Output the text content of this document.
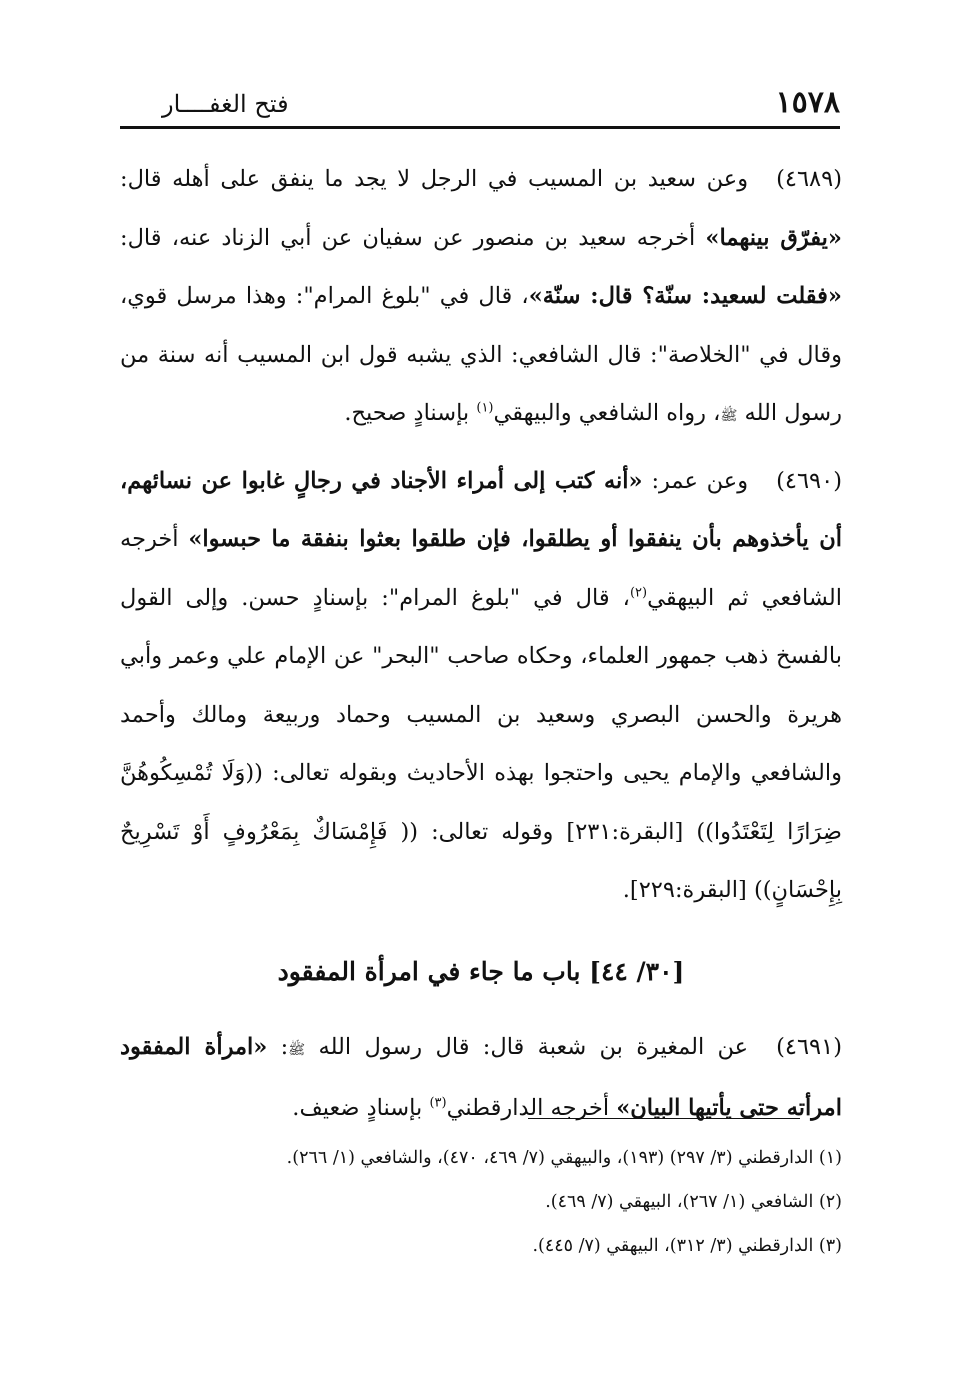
١٥٧٨
فتح الغفــــار

(٤٦٨٩)وعن سعيد بن المسيب في الرجل لا يجد ما ينفق على أهله قال: «يفرّق بينهما» أخرجه سعيد بن منصور عن سفيان عن أبي الزناد عنه، قال: «فقلت لسعيد: سنّة؟ قال: سنّة»، قال في "بلوغ المرام": وهذا مرسل قوي، وقال في "الخلاصة": قال الشافعي: الذي يشبه قول ابن المسيب أنه سنة من رسول الله ﷺ، رواه الشافعي والبيهقي$^{(١)}$ بإسنادٍ صحيح.

(٤٦٩٠)وعن عمر: «أنه كتب إلى أمراء الأجناد في رجالٍ غابوا عن نسائهم، أن يأخذوهم بأن ينفقوا أو يطلقوا، فإن طلقوا بعثوا بنفقة ما حبسوا» أخرجه الشافعي ثم البيهقي$^{(٢)}$، قال في "بلوغ المرام": بإسنادٍ حسن. وإلى القول بالفسخ ذهب جمهور العلماء، وحكاه صاحب "البحر" عن الإمام علي وعمر وأبي هريرة والحسن البصري وسعيد بن المسيب وحماد وربيعة ومالك وأحمد والشافعي والإمام يحيى واحتجوا بهذه الأحاديث وبقوله تعالى: ((وَلَا تُمْسِكُوهُنَّ ضِرَارًا لِتَعْتَدُوا)) [البقرة:٢٣١] وقوله تعالى: (( فَإِمْسَاكٌ بِمَعْرُوفٍ أَوْ تَسْرِيحٌ بِإِحْسَانٍ)) [البقرة:٢٢٩].

[٣٠/ ٤٤] باب ما جاء في امرأة المفقود

(٤٦٩١)عن المغيرة بن شعبة قال: قال رسول الله ﷺ: «امرأة المفقود امرأته حتى يأتيها البيان» أخرجه الدارقطني$^{(٣)}$ بإسنادٍ ضعيف.

(١) الدارقطني (٣/ ٢٩٧) (١٩٣)، والبيهقي (٧/ ٤٦٩، ٤٧٠)، والشافعي (١/ ٢٦٦).
(٢) الشافعي (١/ ٢٦٧)، البيهقي (٧/ ٤٦٩).
(٣) الدارقطني (٣/ ٣١٢)، البيهقي (٧/ ٤٤٥).
